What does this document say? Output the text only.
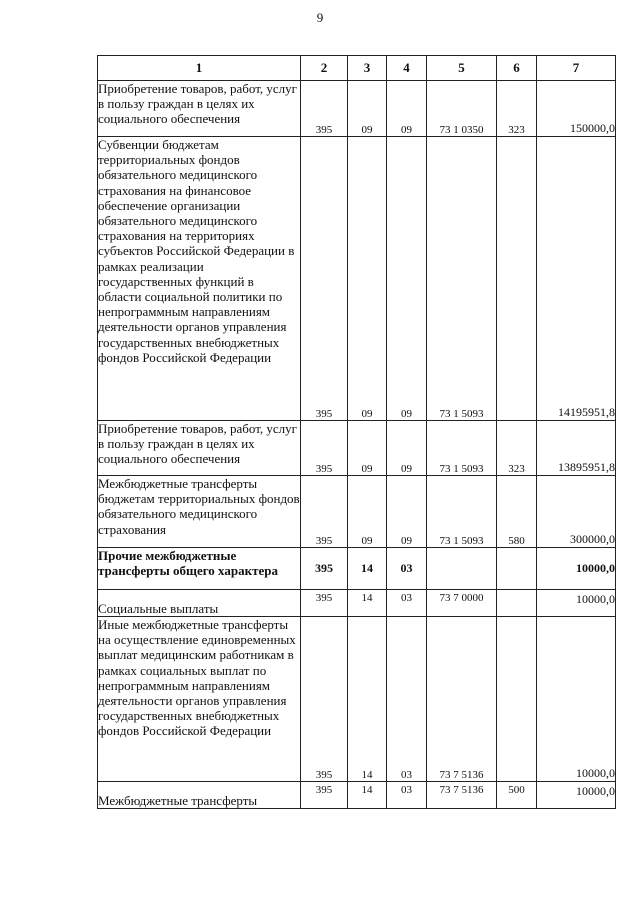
9
1	2	3	4	5	6	7
Приобретение товаров, работ, услуг в пользу граждан в целях их социального обеспечения	395	09	09	73 1 0350	323	150000,0
Субвенции бюджетам территориальных фондов обязательного медицинского страхования на финансовое обеспечение организации обязательного медицинского страхования на территориях субъектов Российской Федерации в рамках реализации государственных функций в области социальной политики по непрограммным направлениям деятельности органов управления государственных внебюджетных фондов Российской Федерации	395	09	09	73 1 5093		14195951,8
Приобретение товаров, работ, услуг в пользу граждан в целях их социального обеспечения	395	09	09	73 1 5093	323	13895951,8
Межбюджетные трансферты бюджетам территориальных фондов обязательного медицинского страхования	395	09	09	73 1 5093	580	300000,0
Прочие межбюджетные трансферты общего характера	395	14	03			10000,0
Социальные выплаты	395	14	03	73 7 0000		10000,0
Иные межбюджетные трансферты на осуществление единовременных выплат медицинским работникам в рамках социальных выплат по непрограммным направлениям деятельности органов управления государственных внебюджетных фондов Российской Федерации	395	14	03	73 7 5136		10000,0
Межбюджетные трансферты	395	14	03	73 7 5136	500	10000,0
